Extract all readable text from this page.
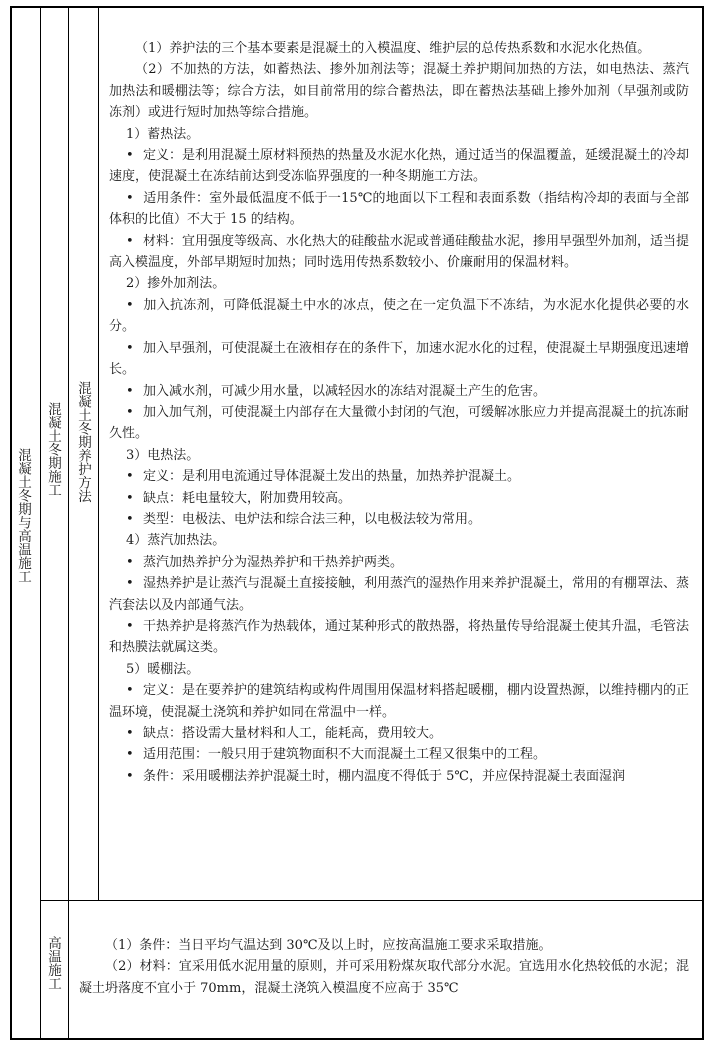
混凝土冬期与高温施工 混凝土冬期施工 混凝土冬期养护方法
高温施工

（1）养护法的三个基本要素是混凝土的入模温度、维护层的总传热系数和水泥水化热值。

（2）不加热的方法，如蓄热法、掺外加剂法等；混凝土养护期间加热的方法，如电热法、蒸汽加热法和暖棚法等；综合方法，如目前常用的综合蓄热法，即在蓄热法基础上掺外加剂（早强剂或防冻剂）或进行短时加热等综合措施。

1）蓄热法。

• 定义：是利用混凝土原材料预热的热量及水泥水化热，通过适当的保温覆盖，延缓混凝土的冷却速度，使混凝土在冻结前达到受冻临界强度的一种冬期施工方法。

• 适用条件：室外最低温度不低于一15℃的地面以下工程和表面系数（指结构冷却的表面与全部体积的比值）不大于 15 的结构。

• 材料：宜用强度等级高、水化热大的硅酸盐水泥或普通硅酸盐水泥，掺用早强型外加剂，适当提高入模温度，外部早期短时加热；同时选用传热系数较小、价廉耐用的保温材料。

2）掺外加剂法。

• 加入抗冻剂，可降低混凝土中水的冰点，使之在一定负温下不冻结，为水泥水化提供必要的水分。

• 加入早强剂，可使混凝土在液相存在的条件下，加速水泥水化的过程，使混凝土早期强度迅速增长。

• 加入减水剂，可减少用水量，以减轻因水的冻结对混凝土产生的危害。

• 加入加气剂，可使混凝土内部存在大量微小封闭的气泡，可缓解冰胀应力并提高混凝土的抗冻耐久性。

3）电热法。

• 定义：是利用电流通过导体混凝土发出的热量，加热养护混凝土。

• 缺点：耗电量较大，附加费用较高。

• 类型：电极法、电炉法和综合法三种，以电极法较为常用。

4）蒸汽加热法。

• 蒸汽加热养护分为湿热养护和干热养护两类。

• 湿热养护是让蒸汽与混凝土直接接触，利用蒸汽的湿热作用来养护混凝土，常用的有棚罩法、蒸汽套法以及内部通气法。

• 干热养护是将蒸汽作为热载体，通过某种形式的散热器，将热量传导给混凝土使其升温，毛管法和热膜法就属这类。

5）暖棚法。

• 定义：是在要养护的建筑结构或构件周围用保温材料搭起暖棚，棚内设置热源，以维持棚内的正温环境，使混凝土浇筑和养护如同在常温中一样。

• 缺点：搭设需大量材料和人工，能耗高，费用较大。

• 适用范围：一般只用于建筑物面积不大而混凝土工程又很集中的工程。

• 条件：采用暖棚法养护混凝土时，棚内温度不得低于 5℃，并应保持混凝土表面湿润

（1）条件：当日平均气温达到 30℃及以上时，应按高温施工要求采取措施。

（2）材料：宜采用低水泥用量的原则，并可采用粉煤灰取代部分水泥。宜选用水化热较低的水泥；混凝土坍落度不宜小于 70mm，混凝土浇筑入模温度不应高于 35℃
